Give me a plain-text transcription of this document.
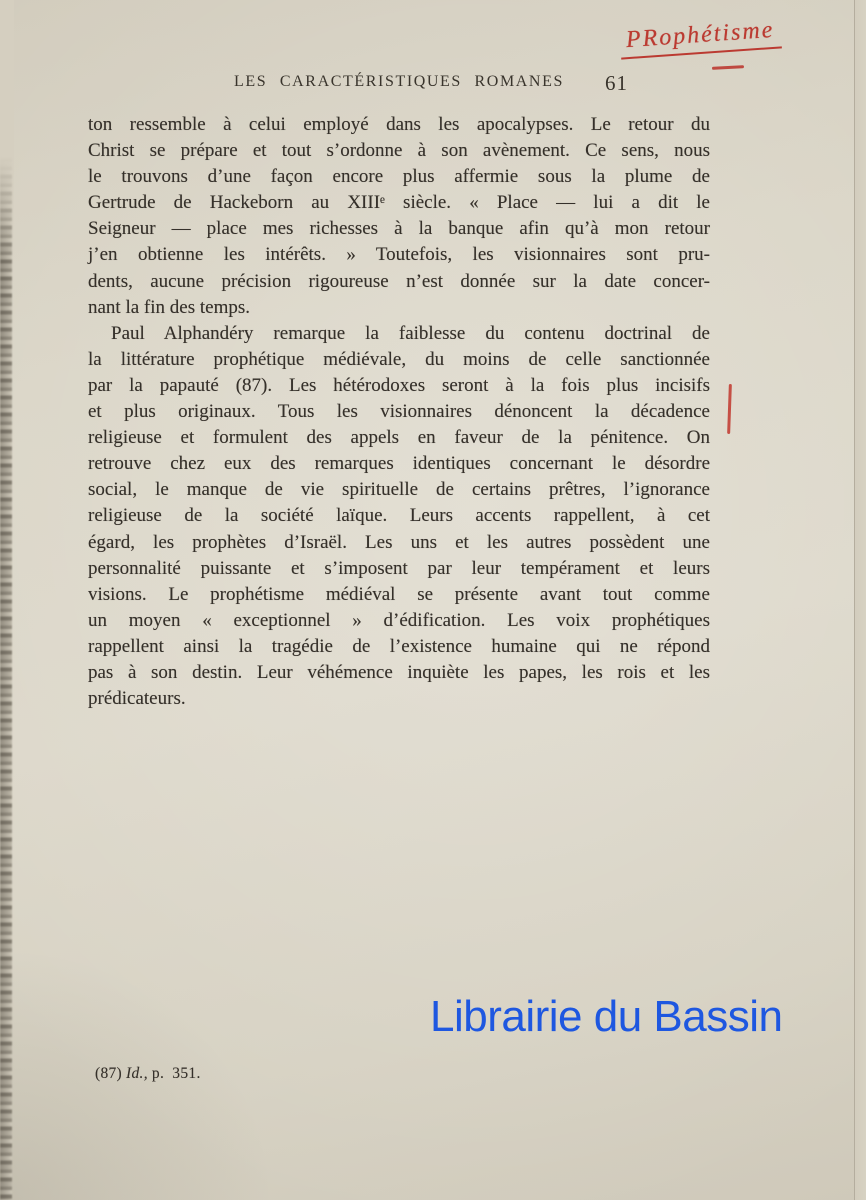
PRophétisme
LES CARACTÉRISTIQUES ROMANES	61
ton ressemble à celui employé dans les apocalypses. Le retour du
Christ se prépare et tout s’ordonne à son avènement. Ce sens, nous
le trouvons d’une façon encore plus affermie sous la plume de
Gertrude de Hackeborn au XIIIᵉ siècle. « Place — lui a dit le
Seigneur — place mes richesses à la banque afin qu’à mon retour
j’en obtienne les intérêts. » Toutefois, les visionnaires sont pru-
dents, aucune précision rigoureuse n’est donnée sur la date concer-
nant la fin des temps.
Paul Alphandéry remarque la faiblesse du contenu doctrinal de
la littérature prophétique médiévale, du moins de celle sanctionnée
par la papauté (87). Les hétérodoxes seront à la fois plus incisifs
et plus originaux. Tous les visionnaires dénoncent la décadence
religieuse et formulent des appels en faveur de la pénitence. On
retrouve chez eux des remarques identiques concernant le désordre
social, le manque de vie spirituelle de certains prêtres, l’ignorance
religieuse de la société laïque. Leurs accents rappellent, à cet
égard, les prophètes d’Israël. Les uns et les autres possèdent une
personnalité puissante et s’imposent par leur tempérament et leurs
visions. Le prophétisme médiéval se présente avant tout comme
un moyen « exceptionnel » d’édification. Les voix prophétiques
rappellent ainsi la tragédie de l’existence humaine qui ne répond
pas à son destin. Leur véhémence inquiète les papes, les rois et les
prédicateurs.
Librairie du Bassin
(87) Id., p. 351.
